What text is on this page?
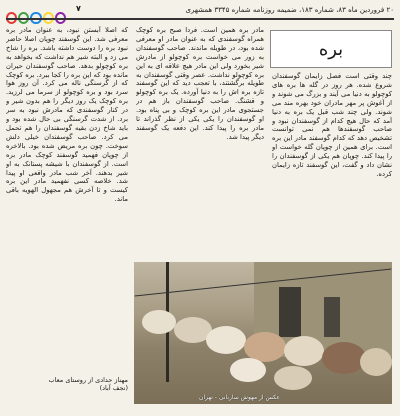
۷	۲۰ فروردین ماه ۸۳، شماره ۱۸۳، ضمیمه روزنامه شماره ۳۳۴۵ همشهری
بره

چند وقتی است فصل زایمان گوسفندان شروع شده. هر روز در گله ها بره های کوچولو به دنیا می آیند و بزرگ می شوند و از آغوش پر مهر مادران خود بهره مند می شوند. ولی چند شب قبل یک بره به دنیا آمد که حال هیچ کدام از گوسفندان نبود و صاحب گوسفندها هم نمی توانست تشخیص دهد که کدام گوسفند مادر این بره است. برای همین از چوپان گله خواست او را پیدا کند. چوپان هم یکی از گوسفندان را نشان داد و گفت، این گوسفند تازه زایمان کرده.

مادر بره همین است. فردا صبح بره کوچک همراه گوسفندی که به عنوان مادر او معرفی شده بود، در طویله ماندند. صاحب گوسفندان به زور می خواست بره کوچولو از مادرش شیر بخورد ولی این مادر هیچ علاقه ای به این بره کوچولو نداشت. عصر وقتی گوسفندان به طویله برگشتند، با تعجب دید که این گوسفند تازه بره اش را به دنیا آورده. یک بره کوچولو و قشنگ. صاحب گوسفندان باز هم در جستجوی مادر این بره کوچک و بی پناه بود. او گوسفندان را یکی یکی از نظر گذراند تا مادر بره را پیدا کند. این دفعه یک گوسفند دیگر پیدا شد.

که اصلا آبستن نبود، به عنوان مادر بره معرفی شد. این گوسفند چوپان اصلا حاضر نبود بره را دوست داشته باشد. بره را شاخ می زد و البته شیر هم نداشت که بخواهد به بره کوچولو بدهد. صاحب گوسفندان حیران مانده بود که این بره را کجا ببرد. بره کوچک که از گرسنگی ناله می کرد. آن روز هوا سرد بود و بره کوچولو از سرما می لرزید. بره کوچک یک روز دیگر را هم بدون شیر و در کنار گوسفندی که مادرش نبود به سر برد. از شدت گرسنگی بی حال شده بود و باید شاخ زدن بقیه گوسفندان را هم تحمل می کرد. صاحب گوسفندان خیلی دلش سوخت. چون بره مریض شده بود. بالاخره از چوپان فهمید گوسفند کوچک مادر بره است. از گوسفندان با شیشه پستانک به او شیر بدهند. آخر شب مادر واقعی او پیدا شد. خلاصه کسی نفهمید مادر این بره کیست و تا آخرش هم مجهول الهویه باقی ماند.

مهناز حدادی از روستای معاب
(نجف آباد)
عکس از مهوش ساربانی - تهران
